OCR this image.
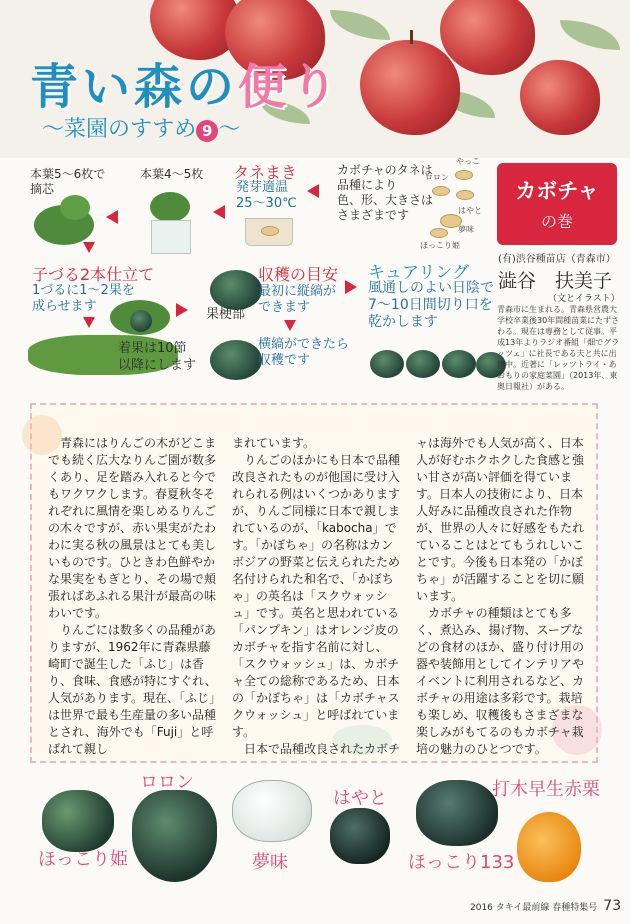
青い森の便り
〜菜園のすすめ 9 〜
本葉5〜6枚で
摘芯
本葉4〜5枚 タネまき
発芽適温
25〜30℃
カボチャのタネは
品種により
色、形、大きさは
さまざまです
やっこ
ロロン
はやと
夢味
ほっこり姫
子づる2本仕立て
1づるに1〜2果を
成らせます
着果は10節
以降にします
果梗部
収穫の目安
最初に縦縞が
できます
横縞ができたら
収穫です
キュアリング
風通しのよい日陰で
7〜10日間切り口を
乾かします
カボチャ
の巻
(有)渋谷種苗店（青森市）
澁谷　扶美子
（文とイラスト）
青森市に生まれる。青森県営農大学校卒業後30年間種苗業にたずさわる。現在は専務として従事。平成13年よりラジオ番組「畑でグラッツェ」に社長である夫と共に出演中。近著に「レッツトライ・あおもりの家庭菜園」（2013年、東奥日報社）がある。

青森にはりんごの木がどこまでも続く広大なりんご園が数多くあり、足を踏み入れると今でもワクワクします。春夏秋冬それぞれに風情を楽しめるりんごの木々ですが、赤い果実がたわわに実る秋の風景はとても美しいものです。ひときわ色鮮やかな果実をもぎとり、その場で頬張ればあふれる果汁が最高の味わいです。

りんごには数多くの品種がありますが、1962年に青森県藤崎町で誕生した「ふじ」は香り、食味、食感が特にすぐれ、人気があります。現在、「ふじ」は世界で最も生産量の多い品種とされ、海外でも「Fuji」と呼ばれて親し

まれています。

りんごのほかにも日本で品種改良されたものが他国に受け入れられる例はいくつかありますが、りんご同様に日本で親しまれているのが、「kabocha」です。「かぼちゃ」の名称はカンボジアの野菜と伝えられたため名付けられた和名で、「かぼちゃ」の英名は「スクウォッシュ」です。英名と思われている「パンプキン」はオレンジ皮のカボチャを指す名前に対し、「スクウォッシュ」は、カボチャ全ての総称であるため、日本の「かぼちゃ」は「カボチャスクウォッシュ」と呼ばれています。

日本で品種改良されたカボチ

ャは海外でも人気が高く、日本人が好むホクホクした食感と強い甘さが高い評価を得ています。日本人の技術により、日本人好みに品種改良された作物が、世界の人々に好感をもたれていることはとてもうれしいことです。今後も日本発の「かぼちゃ」が活躍することを切に願います。

カボチャの種類はとても多く、煮込み、揚げ物、スープなどの食材のほか、盛り付け用の器や装飾用としてインテリアやイベントに利用されるなど、カボチャの用途は多彩です。栽培も楽しめ、収穫後もさまざまな楽しみがもてるのもカボチャ栽培の魅力のひとつです。

ほっこり姫
ロロン
夢味
はやと
ほっこり133
打木早生赤栗
2016 タキイ最前線 春種特集号 73
